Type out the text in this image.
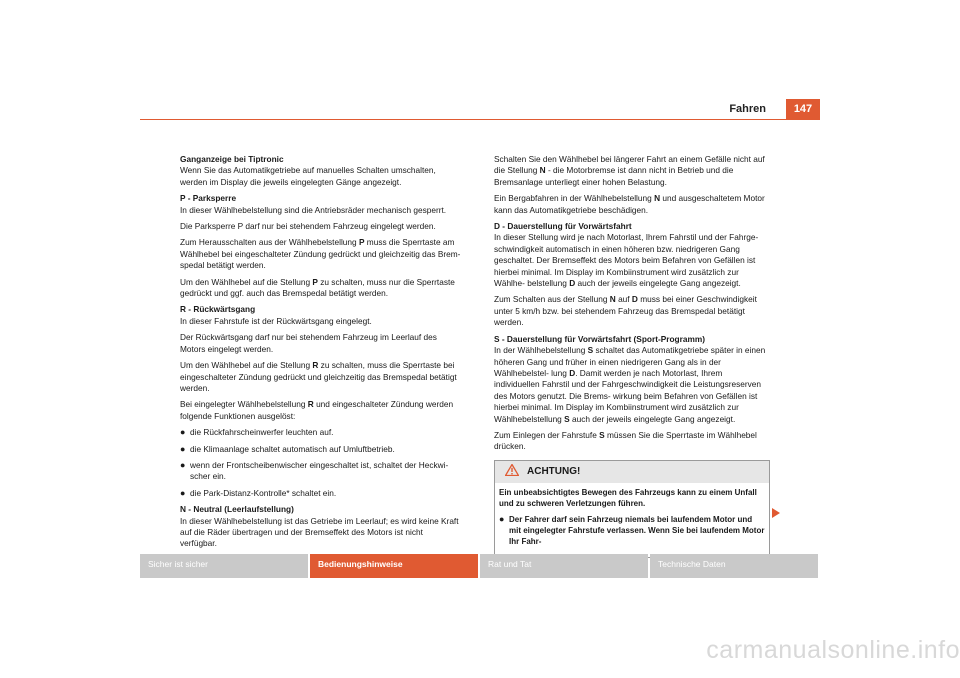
Fahren	147

Ganganzeige bei Tiptronic

Wenn Sie das Automatikgetriebe auf manuelles Schalten umschalten, werden im Display die jeweils eingelegten Gänge angezeigt.

P - Parksperre

In dieser Wählhebelstellung sind die Antriebsräder mechanisch gesperrt.

Die Parksperre P darf nur bei stehendem Fahrzeug eingelegt werden.

Zum Herausschalten aus der Wählhebelstellung P muss die Sperrtaste am Wählhebel bei eingeschalteter Zündung gedrückt und gleichzeitig das Brem- spedal betätigt werden.

Um den Wählhebel auf die Stellung P zu schalten, muss nur die Sperrtaste gedrückt und ggf. auch das Bremspedal betätigt werden.

R - Rückwärtsgang

In dieser Fahrstufe ist der Rückwärtsgang eingelegt.

Der Rückwärtsgang darf nur bei stehendem Fahrzeug im Leerlauf des Motors eingelegt werden.

Um den Wählhebel auf die Stellung R zu schalten, muss die Sperrtaste bei eingeschalteter Zündung gedrückt und gleichzeitig das Bremspedal betätigt werden.

Bei eingelegter Wählhebelstellung R und eingeschalteter Zündung werden folgende Funktionen ausgelöst:

● die Rückfahrscheinwerfer leuchten auf.
● die Klimaanlage schaltet automatisch auf Umluftbetrieb.
● wenn der Frontscheibenwischer eingeschaltet ist, schaltet der Heckwi- scher ein.
● die Park-Distanz-Kontrolle* schaltet ein.

N - Neutral (Leerlaufstellung)

In dieser Wählhebelstellung ist das Getriebe im Leerlauf; es wird keine Kraft auf die Räder übertragen und der Bremseffekt des Motors ist nicht verfügbar.

Schalten Sie den Wählhebel bei längerer Fahrt an einem Gefälle nicht auf die Stellung N - die Motorbremse ist dann nicht in Betrieb und die Bremsanlage unterliegt einer hohen Belastung.

Ein Bergabfahren in der Wählhebelstellung N und ausgeschaltetem Motor kann das Automatikgetriebe beschädigen.

D - Dauerstellung für Vorwärtsfahrt

In dieser Stellung wird je nach Motorlast, Ihrem Fahrstil und der Fahrge- schwindigkeit automatisch in einen höheren bzw. niedrigeren Gang geschaltet. Der Bremseffekt des Motors beim Befahren von Gefällen ist hierbei minimal. Im Display im Kombiinstrument wird zusätzlich zur Wählhe- belstellung D auch der jeweils eingelegte Gang angezeigt.

Zum Schalten aus der Stellung N auf D muss bei einer Geschwindigkeit unter 5 km/h bzw. bei stehendem Fahrzeug das Bremspedal betätigt werden.

S - Dauerstellung für Vorwärtsfahrt (Sport-Programm)

In der Wählhebelstellung S schaltet das Automatikgetriebe später in einen höheren Gang und früher in einen niedrigeren Gang als in der Wählhebelstel- lung D. Damit werden je nach Motorlast, Ihrem individuellen Fahrstil und der Fahrgeschwindigkeit die Leistungsreserven des Motors genutzt. Die Brems- wirkung beim Befahren von Gefällen ist hierbei minimal. Im Display im Kombiinstrument wird zusätzlich zur Wählhebelstellung S auch der jeweils eingelegte Gang angezeigt.

Zum Einlegen der Fahrstufe S müssen Sie die Sperrtaste im Wählhebel drücken.

ACHTUNG!
Ein unbeabsichtigtes Bewegen des Fahrzeugs kann zu einem Unfall und zu schweren Verletzungen führen.
● Der Fahrer darf sein Fahrzeug niemals bei laufendem Motor und mit eingelegter Fahrstufe verlassen. Wenn Sie bei laufendem Motor Ihr Fahr-
Sicher ist sicher	Bedienungshinweise	Rat und Tat	Technische Daten
carmanualsonline.info
